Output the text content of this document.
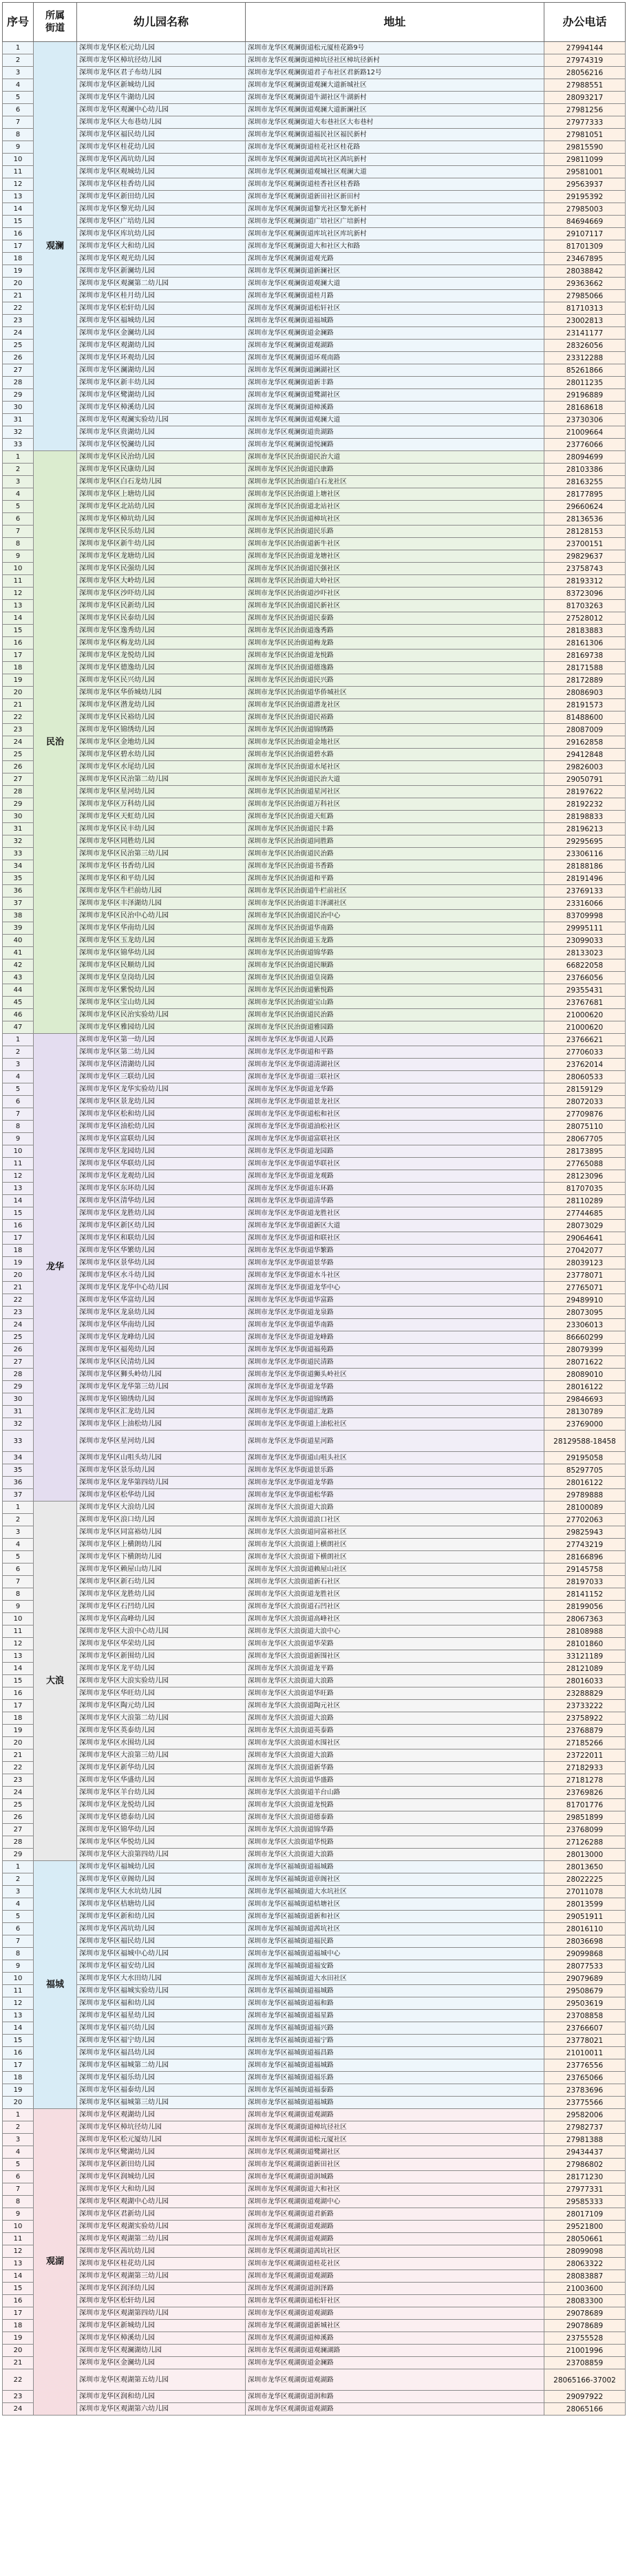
序号	所属
街道	幼儿园名称	地址	办公电话
1	观澜	深圳市龙华区松元幼儿园	深圳市龙华区观澜街道松元厦桂花路9号	27994144
2		深圳市龙华区樟坑径幼儿园	深圳市龙华区观澜街道樟坑径社区樟坑径新村	27974319
3		深圳市龙华区君子布幼儿园	深圳市龙华区观澜街道君子布社区君新路12号	28056216
4		深圳市龙华区新城幼儿园	深圳市龙华区观澜街道观澜大道新城社区	27988551
5		深圳市龙华区牛湖幼儿园	深圳市龙华区观澜街道牛湖社区牛湖新村	28093217
6		深圳市龙华区观澜中心幼儿园	深圳市龙华区观澜街道观澜大道新澜社区	27981256
7		深圳市龙华区大布巷幼儿园	深圳市龙华区观澜街道大布巷社区大布巷村	27977333
8		深圳市龙华区福民幼儿园	深圳市龙华区观澜街道福民社区福民新村	27981051
9		深圳市龙华区桂花幼儿园	深圳市龙华区观澜街道桂花社区桂花路	29815590
10		深圳市龙华区茜坑幼儿园	深圳市龙华区观澜街道茜坑社区茜坑新村	29811099
11		深圳市龙华区观城幼儿园	深圳市龙华区观澜街道观城社区观澜大道	29581001
12		深圳市龙华区桂香幼儿园	深圳市龙华区观澜街道桂香社区桂香路	29563937
13		深圳市龙华区新田幼儿园	深圳市龙华区观澜街道新田社区新田村	29195392
14		深圳市龙华区黎光幼儿园	深圳市龙华区观澜街道黎光社区黎光新村	27985003
15		深圳市龙华区广培幼儿园	深圳市龙华区观澜街道广培社区广培新村	84694669
16		深圳市龙华区库坑幼儿园	深圳市龙华区观澜街道库坑社区库坑新村	29107117
17		深圳市龙华区大和幼儿园	深圳市龙华区观澜街道大和社区大和路	81701309
18		深圳市龙华区观光幼儿园	深圳市龙华区观澜街道观光路	23467895
19		深圳市龙华区新澜幼儿园	深圳市龙华区观澜街道新澜社区	28038842
20		深圳市龙华区观澜第二幼儿园	深圳市龙华区观澜街道观澜大道	29363662
21		深圳市龙华区桂月幼儿园	深圳市龙华区观澜街道桂月路	27985066
22		深圳市龙华区松轩幼儿园	深圳市龙华区观澜街道松轩社区	81710313
23		深圳市龙华区福城幼儿园	深圳市龙华区观澜街道福城路	23002813
24		深圳市龙华区金澜幼儿园	深圳市龙华区观澜街道金澜路	23141177
25		深圳市龙华区观湖幼儿园	深圳市龙华区观澜街道观湖路	28326056
26		深圳市龙华区环观幼儿园	深圳市龙华区观澜街道环观南路	23312288
27		深圳市龙华区澜湖幼儿园	深圳市龙华区观澜街道澜湖社区	85261866
28		深圳市龙华区新丰幼儿园	深圳市龙华区观澜街道新丰路	28011235
29		深圳市龙华区鹭湖幼儿园	深圳市龙华区观澜街道鹭湖社区	29196889
30		深圳市龙华区樟溪幼儿园	深圳市龙华区观澜街道樟溪路	28168618
31		深圳市龙华区观澜实验幼儿园	深圳市龙华区观澜街道观澜大道	23730306
32		深圳市龙华区贵湖幼儿园	深圳市龙华区观澜街道贵湖路	21009664
33		深圳市龙华区悦澜幼儿园	深圳市龙华区观澜街道悦澜路	23776066
1	民治	深圳市龙华区民治幼儿园	深圳市龙华区民治街道民治大道	28094699
2		深圳市龙华区民康幼儿园	深圳市龙华区民治街道民康路	28103386
3		深圳市龙华区白石龙幼儿园	深圳市龙华区民治街道白石龙社区	28163255
4		深圳市龙华区上塘幼儿园	深圳市龙华区民治街道上塘社区	28177895
5		深圳市龙华区北站幼儿园	深圳市龙华区民治街道北站社区	29660624
6		深圳市龙华区樟坑幼儿园	深圳市龙华区民治街道樟坑社区	28136536
7		深圳市龙华区民乐幼儿园	深圳市龙华区民治街道民乐路	28128153
8		深圳市龙华区新牛幼儿园	深圳市龙华区民治街道新牛社区	23700151
9		深圳市龙华区龙塘幼儿园	深圳市龙华区民治街道龙塘社区	29829637
10		深圳市龙华区民强幼儿园	深圳市龙华区民治街道民强社区	23758743
11		深圳市龙华区大岭幼儿园	深圳市龙华区民治街道大岭社区	28193312
12		深圳市龙华区沙吓幼儿园	深圳市龙华区民治街道沙吓社区	83723096
13		深圳市龙华区民新幼儿园	深圳市龙华区民治街道民新社区	81703263
14		深圳市龙华区民泰幼儿园	深圳市龙华区民治街道民泰路	27528012
15		深圳市龙华区逸秀幼儿园	深圳市龙华区民治街道逸秀路	28183883
16		深圳市龙华区梅龙幼儿园	深圳市龙华区民治街道梅龙路	28161306
17		深圳市龙华区龙悦幼儿园	深圳市龙华区民治街道龙悦路	28169738
18		深圳市龙华区德逸幼儿园	深圳市龙华区民治街道德逸路	28171588
19		深圳市龙华区民兴幼儿园	深圳市龙华区民治街道民兴路	28172889
20		深圳市龙华区华侨城幼儿园	深圳市龙华区民治街道华侨城社区	28086903
21		深圳市龙华区潜龙幼儿园	深圳市龙华区民治街道潜龙社区	28191573
22		深圳市龙华区民裕幼儿园	深圳市龙华区民治街道民裕路	81488600
23		深圳市龙华区锦绣幼儿园	深圳市龙华区民治街道锦绣路	28087009
24		深圳市龙华区金地幼儿园	深圳市龙华区民治街道金地社区	29162858
25		深圳市龙华区碧水幼儿园	深圳市龙华区民治街道碧水路	29412848
26		深圳市龙华区水尾幼儿园	深圳市龙华区民治街道水尾社区	29826003
27		深圳市龙华区民治第二幼儿园	深圳市龙华区民治街道民治大道	29050791
28		深圳市龙华区星河幼儿园	深圳市龙华区民治街道星河社区	28197622
29		深圳市龙华区万科幼儿园	深圳市龙华区民治街道万科社区	28192232
30		深圳市龙华区天虹幼儿园	深圳市龙华区民治街道天虹路	28198833
31		深圳市龙华区民丰幼儿园	深圳市龙华区民治街道民丰路	28196213
32		深圳市龙华区同胜幼儿园	深圳市龙华区民治街道同胜路	29295695
33		深圳市龙华区民治第三幼儿园	深圳市龙华区民治街道民治路	23306116
34		深圳市龙华区书香幼儿园	深圳市龙华区民治街道书香路	28188186
35		深圳市龙华区和平幼儿园	深圳市龙华区民治街道和平路	28191496
36		深圳市龙华区牛栏前幼儿园	深圳市龙华区民治街道牛栏前社区	23769133
37		深圳市龙华区丰泽湖幼儿园	深圳市龙华区民治街道丰泽湖社区	23316066
38		深圳市龙华区民治中心幼儿园	深圳市龙华区民治街道民治中心	83709998
39		深圳市龙华区华南幼儿园	深圳市龙华区民治街道华南路	29995111
40		深圳市龙华区玉龙幼儿园	深圳市龙华区民治街道玉龙路	23099033
41		深圳市龙华区锦华幼儿园	深圳市龙华区民治街道锦华路	28133023
42		深圳市龙华区民顺幼儿园	深圳市龙华区民治街道民顺路	66822058
43		深圳市龙华区皇岗幼儿园	深圳市龙华区民治街道皇岗路	23766056
44		深圳市龙华区紫悦幼儿园	深圳市龙华区民治街道紫悦路	29355431
45		深圳市龙华区宝山幼儿园	深圳市龙华区民治街道宝山路	23767681
46		深圳市龙华区民治实验幼儿园	深圳市龙华区民治街道民治路	21000620
47		深圳市龙华区雅园幼儿园	深圳市龙华区民治街道雅园路	21000620
1	龙华	深圳市龙华区第一幼儿园	深圳市龙华区龙华街道人民路	23766621
2		深圳市龙华区第二幼儿园	深圳市龙华区龙华街道和平路	27706033
3		深圳市龙华区清湖幼儿园	深圳市龙华区龙华街道清湖社区	23762014
4		深圳市龙华区三联幼儿园	深圳市龙华区龙华街道三联社区	28060533
5		深圳市龙华区龙华实验幼儿园	深圳市龙华区龙华街道龙华路	28159129
6		深圳市龙华区景龙幼儿园	深圳市龙华区龙华街道景龙社区	28072033
7		深圳市龙华区松和幼儿园	深圳市龙华区龙华街道松和社区	27709876
8		深圳市龙华区油松幼儿园	深圳市龙华区龙华街道油松社区	28075110
9		深圳市龙华区富联幼儿园	深圳市龙华区龙华街道富联社区	28067705
10		深圳市龙华区龙园幼儿园	深圳市龙华区龙华街道龙园路	28173895
11		深圳市龙华区华联幼儿园	深圳市龙华区龙华街道华联社区	27765088
12		深圳市龙华区龙观幼儿园	深圳市龙华区龙华街道龙观路	28123096
13		深圳市龙华区东环幼儿园	深圳市龙华区龙华街道东环路	81707035
14		深圳市龙华区清华幼儿园	深圳市龙华区龙华街道清华路	28110289
15		深圳市龙华区龙胜幼儿园	深圳市龙华区龙华街道龙胜社区	27744685
16		深圳市龙华区新区幼儿园	深圳市龙华区龙华街道新区大道	28073029
17		深圳市龙华区和联幼儿园	深圳市龙华区龙华街道和联社区	29064641
18		深圳市龙华区华繁幼儿园	深圳市龙华区龙华街道华繁路	27042077
19		深圳市龙华区景华幼儿园	深圳市龙华区龙华街道景华路	28039123
20		深圳市龙华区水斗幼儿园	深圳市龙华区龙华街道水斗社区	23778071
21		深圳市龙华区龙华中心幼儿园	深圳市龙华区龙华街道龙华中心	27765071
22		深圳市龙华区华富幼儿园	深圳市龙华区龙华街道华富路	29489910
23		深圳市龙华区龙泉幼儿园	深圳市龙华区龙华街道龙泉路	28073095
24		深圳市龙华区华南幼儿园	深圳市龙华区龙华街道华南路	23306013
25		深圳市龙华区龙峰幼儿园	深圳市龙华区龙华街道龙峰路	86660299
26		深圳市龙华区福苑幼儿园	深圳市龙华区龙华街道福苑路	28079399
27		深圳市龙华区民清幼儿园	深圳市龙华区龙华街道民清路	28071622
28		深圳市龙华区狮头岭幼儿园	深圳市龙华区龙华街道狮头岭社区	28089010
29		深圳市龙华区龙华第三幼儿园	深圳市龙华区龙华街道龙华路	28016122
30		深圳市龙华区锦绣幼儿园	深圳市龙华区龙华街道锦绣路	29846693
31		深圳市龙华区汇龙幼儿园	深圳市龙华区龙华街道汇龙路	28130789
32		深圳市龙华区上油松幼儿园	深圳市龙华区龙华街道上油松社区	23769000
33		深圳市龙华区星河幼儿园	深圳市龙华区龙华街道星河路	28129588-18458
34		深圳市龙华区山咀头幼儿园	深圳市龙华区龙华街道山咀头社区	29195058
35		深圳市龙华区景乐幼儿园	深圳市龙华区龙华街道景乐路	85297705
36		深圳市龙华区龙华第四幼儿园	深圳市龙华区龙华街道龙华路	28016122
37		深圳市龙华区松华幼儿园	深圳市龙华区龙华街道松华路	29789888
1	大浪	深圳市龙华区大浪幼儿园	深圳市龙华区大浪街道大浪路	28100089
2		深圳市龙华区浪口幼儿园	深圳市龙华区大浪街道浪口社区	27702063
3		深圳市龙华区同富裕幼儿园	深圳市龙华区大浪街道同富裕社区	29825943
4		深圳市龙华区上横朗幼儿园	深圳市龙华区大浪街道上横朗社区	27743219
5		深圳市龙华区下横朗幼儿园	深圳市龙华区大浪街道下横朗社区	28166896
6		深圳市龙华区赖屋山幼儿园	深圳市龙华区大浪街道赖屋山社区	29145758
7		深圳市龙华区新石幼儿园	深圳市龙华区大浪街道新石社区	28197033
8		深圳市龙华区龙胜幼儿园	深圳市龙华区大浪街道龙胜社区	28141152
9		深圳市龙华区石凹幼儿园	深圳市龙华区大浪街道石凹社区	28199056
10		深圳市龙华区高峰幼儿园	深圳市龙华区大浪街道高峰社区	28067363
11		深圳市龙华区大浪中心幼儿园	深圳市龙华区大浪街道大浪中心	28108988
12		深圳市龙华区华荣幼儿园	深圳市龙华区大浪街道华荣路	28101860
13		深圳市龙华区新围幼儿园	深圳市龙华区大浪街道新围社区	33121189
14		深圳市龙华区龙平幼儿园	深圳市龙华区大浪街道龙平路	28121089
15		深圳市龙华区大浪实验幼儿园	深圳市龙华区大浪街道大浪路	28016033
16		深圳市龙华区华旺幼儿园	深圳市龙华区大浪街道华旺路	23288829
17		深圳市龙华区陶元幼儿园	深圳市龙华区大浪街道陶元社区	23733222
18		深圳市龙华区大浪第二幼儿园	深圳市龙华区大浪街道大浪路	23758922
19		深圳市龙华区英泰幼儿园	深圳市龙华区大浪街道英泰路	23768879
20		深圳市龙华区水围幼儿园	深圳市龙华区大浪街道水围社区	27185266
21		深圳市龙华区大浪第三幼儿园	深圳市龙华区大浪街道大浪路	23722011
22		深圳市龙华区新华幼儿园	深圳市龙华区大浪街道新华路	27182933
23		深圳市龙华区华盛幼儿园	深圳市龙华区大浪街道华盛路	27181278
24		深圳市龙华区羊台幼儿园	深圳市龙华区大浪街道羊台山路	23769826
25		深圳市龙华区龙悦幼儿园	深圳市龙华区大浪街道龙悦路	81701776
26		深圳市龙华区德泰幼儿园	深圳市龙华区大浪街道德泰路	29851899
27		深圳市龙华区锦华幼儿园	深圳市龙华区大浪街道锦华路	23768099
28		深圳市龙华区华悦幼儿园	深圳市龙华区大浪街道华悦路	27126288
29		深圳市龙华区大浪第四幼儿园	深圳市龙华区大浪街道大浪路	28013000
1	福城	深圳市龙华区福城幼儿园	深圳市龙华区福城街道福城路	28013650
2		深圳市龙华区章阁幼儿园	深圳市龙华区福城街道章阁社区	28022225
3		深圳市龙华区大水坑幼儿园	深圳市龙华区福城街道大水坑社区	27011078
4		深圳市龙华区桔塘幼儿园	深圳市龙华区福城街道桔塘社区	28013599
5		深圳市龙华区新和幼儿园	深圳市龙华区福城街道新和社区	29051911
6		深圳市龙华区茜坑幼儿园	深圳市龙华区福城街道茜坑社区	28016110
7		深圳市龙华区福民幼儿园	深圳市龙华区福城街道福民路	28036698
8		深圳市龙华区福城中心幼儿园	深圳市龙华区福城街道福城中心	29099868
9		深圳市龙华区福安幼儿园	深圳市龙华区福城街道福安路	28077533
10		深圳市龙华区大水田幼儿园	深圳市龙华区福城街道大水田社区	29079689
11		深圳市龙华区福城实验幼儿园	深圳市龙华区福城街道福城路	29508679
12		深圳市龙华区福和幼儿园	深圳市龙华区福城街道福和路	29503619
13		深圳市龙华区福星幼儿园	深圳市龙华区福城街道福星路	23708858
14		深圳市龙华区福兴幼儿园	深圳市龙华区福城街道福兴路	23766607
15		深圳市龙华区福宁幼儿园	深圳市龙华区福城街道福宁路	23778021
16		深圳市龙华区福昌幼儿园	深圳市龙华区福城街道福昌路	21010011
17		深圳市龙华区福城第二幼儿园	深圳市龙华区福城街道福城路	23776556
18		深圳市龙华区福乐幼儿园	深圳市龙华区福城街道福乐路	23765066
19		深圳市龙华区福泰幼儿园	深圳市龙华区福城街道福泰路	23783696
20		深圳市龙华区福城第三幼儿园	深圳市龙华区福城街道福城路	23775566
1	观湖	深圳市龙华区观湖幼儿园	深圳市龙华区观湖街道观湖路	29582006
2		深圳市龙华区樟坑径幼儿园	深圳市龙华区观湖街道樟坑径社区	27982737
3		深圳市龙华区松元厦幼儿园	深圳市龙华区观湖街道松元厦社区	27981388
4		深圳市龙华区鹭湖幼儿园	深圳市龙华区观湖街道鹭湖社区	29434437
5		深圳市龙华区新田幼儿园	深圳市龙华区观湖街道新田社区	27986802
6		深圳市龙华区润城幼儿园	深圳市龙华区观湖街道润城路	28171230
7		深圳市龙华区大和幼儿园	深圳市龙华区观湖街道大和社区	27977331
8		深圳市龙华区观湖中心幼儿园	深圳市龙华区观湖街道观湖中心	29585333
9		深圳市龙华区君新幼儿园	深圳市龙华区观湖街道君新路	28017109
10		深圳市龙华区观湖实验幼儿园	深圳市龙华区观湖街道观湖路	29521800
11		深圳市龙华区观湖第二幼儿园	深圳市龙华区观湖街道观湖路	28050661
12		深圳市龙华区茜坑幼儿园	深圳市龙华区观湖街道茜坑社区	28099098
13		深圳市龙华区桂花幼儿园	深圳市龙华区观湖街道桂花社区	28063322
14		深圳市龙华区观湖第三幼儿园	深圳市龙华区观湖街道观湖路	28083887
15		深圳市龙华区润泽幼儿园	深圳市龙华区观湖街道润泽路	21003600
16		深圳市龙华区松轩幼儿园	深圳市龙华区观湖街道松轩社区	28083300
17		深圳市龙华区观湖第四幼儿园	深圳市龙华区观湖街道观湖路	29078689
18		深圳市龙华区新城幼儿园	深圳市龙华区观湖街道新城社区	29078689
19		深圳市龙华区樟溪幼儿园	深圳市龙华区观湖街道樟溪路	23755528
20		深圳市龙华区观澜湖幼儿园	深圳市龙华区观湖街道观澜湖路	21001996
21		深圳市龙华区金澜幼儿园	深圳市龙华区观湖街道金澜路	23708859
22		深圳市龙华区观湖第五幼儿园	深圳市龙华区观湖街道观湖路	28065166-37002
23		深圳市龙华区润和幼儿园	深圳市龙华区观湖街道润和路	29097922
24		深圳市龙华区观湖第六幼儿园	深圳市龙华区观湖街道观湖路	28065166
